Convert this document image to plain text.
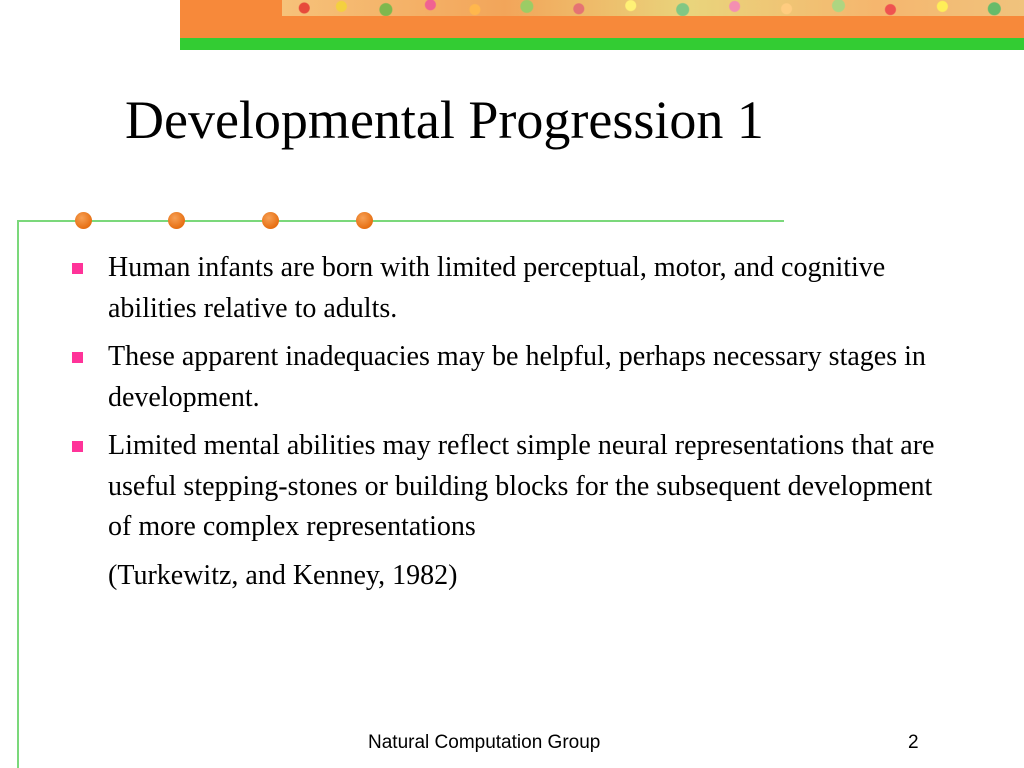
Developmental Progression 1
Human infants are born with limited perceptual, motor, and cognitive abilities relative to adults.
These apparent inadequacies may be helpful, perhaps necessary stages in development.
Limited mental abilities may reflect simple neural representations that are useful stepping-stones or building blocks for the subsequent development of more complex representations
(Turkewitz, and Kenney, 1982)
Natural Computation Group	2
